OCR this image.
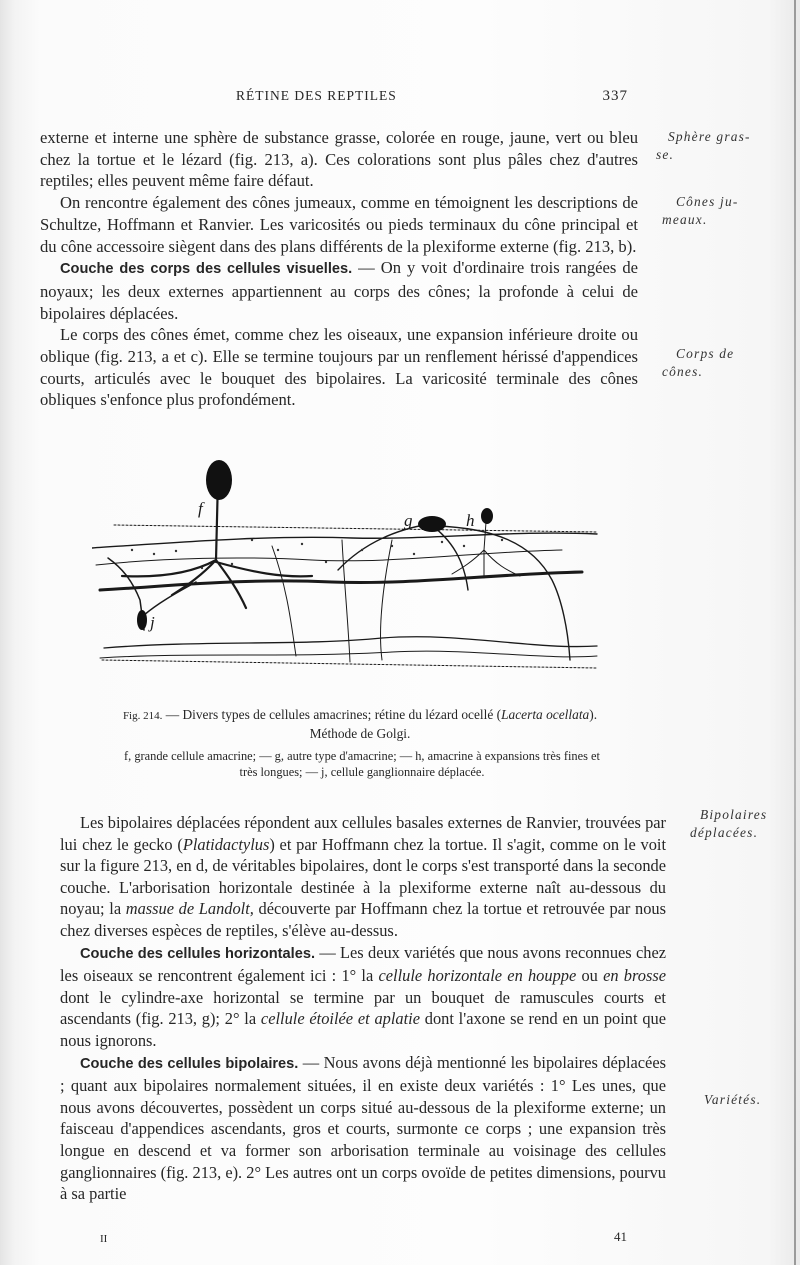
RÉTINE DES REPTILES	337

externe et interne une sphère de substance grasse, colorée en rouge, jaune, vert ou bleu chez la tortue et le lézard (fig. 213, a). Ces colorations sont plus pâles chez d'autres reptiles; elles peuvent même faire défaut.

On rencontre également des cônes jumeaux, comme en témoignent les descriptions de Schultze, Hoffmann et Ranvier. Les varicosités ou pieds terminaux du cône principal et du cône accessoire siègent dans des plans différents de la plexiforme externe (fig. 213, b).

Couche des corps des cellules visuelles. — On y voit d'ordinaire trois rangées de noyaux; les deux externes appartiennent au corps des cônes; la profonde à celui de bipolaires déplacées.

Le corps des cônes émet, comme chez les oiseaux, une expansion inférieure droite ou oblique (fig. 213, a et c). Elle se termine toujours par un renflement hérissé d'appendices courts, articulés avec le bouquet des bipolaires. La varicosité terminale des cônes obliques s'enfonce plus profondément.

Sphère gras-
se.
Cônes ju-
meaux.
Corps de
cônes.
f
g	h
j
Fig. 214. — Divers types de cellules amacrines; rétine du lézard ocellé (Lacerta ocellata).
Méthode de Golgi.
f, grande cellule amacrine; — g, autre type d'amacrine; — h, amacrine à expansions très fines et
très longues; — j, cellule ganglionnaire déplacée.

Les bipolaires déplacées répondent aux cellules basales externes de Ranvier, trouvées par lui chez le gecko (Platidactylus) et par Hoffmann chez la tortue. Il s'agit, comme on le voit sur la figure 213, en d, de véritables bipolaires, dont le corps s'est transporté dans la seconde couche. L'arborisation horizontale destinée à la plexiforme externe naît au-dessous du noyau; la massue de Landolt, découverte par Hoffmann chez la tortue et retrouvée par nous chez diverses espèces de reptiles, s'élève au-dessus.

Couche des cellules horizontales. — Les deux variétés que nous avons reconnues chez les oiseaux se rencontrent également ici : 1° la cellule horizontale en houppe ou en brosse dont le cylindre-axe horizontal se termine par un bouquet de ramuscules courts et ascendants (fig. 213, g); 2° la cellule étoilée et aplatie dont l'axone se rend en un point que nous ignorons.

Couche des cellules bipolaires. — Nous avons déjà mentionné les bipolaires déplacées ; quant aux bipolaires normalement situées, il en existe deux variétés : 1° Les unes, que nous avons découvertes, possèdent un corps situé au-dessous de la plexiforme externe; un faisceau d'appendices ascendants, gros et courts, surmonte ce corps ; une expansion très longue en descend et va former son arborisation terminale au voisinage des cellules ganglionnaires (fig. 213, e). 2° Les autres ont un corps ovoïde de petites dimensions, pourvu à sa partie

Bipolaires
déplacées.
Variétés.
II	41
